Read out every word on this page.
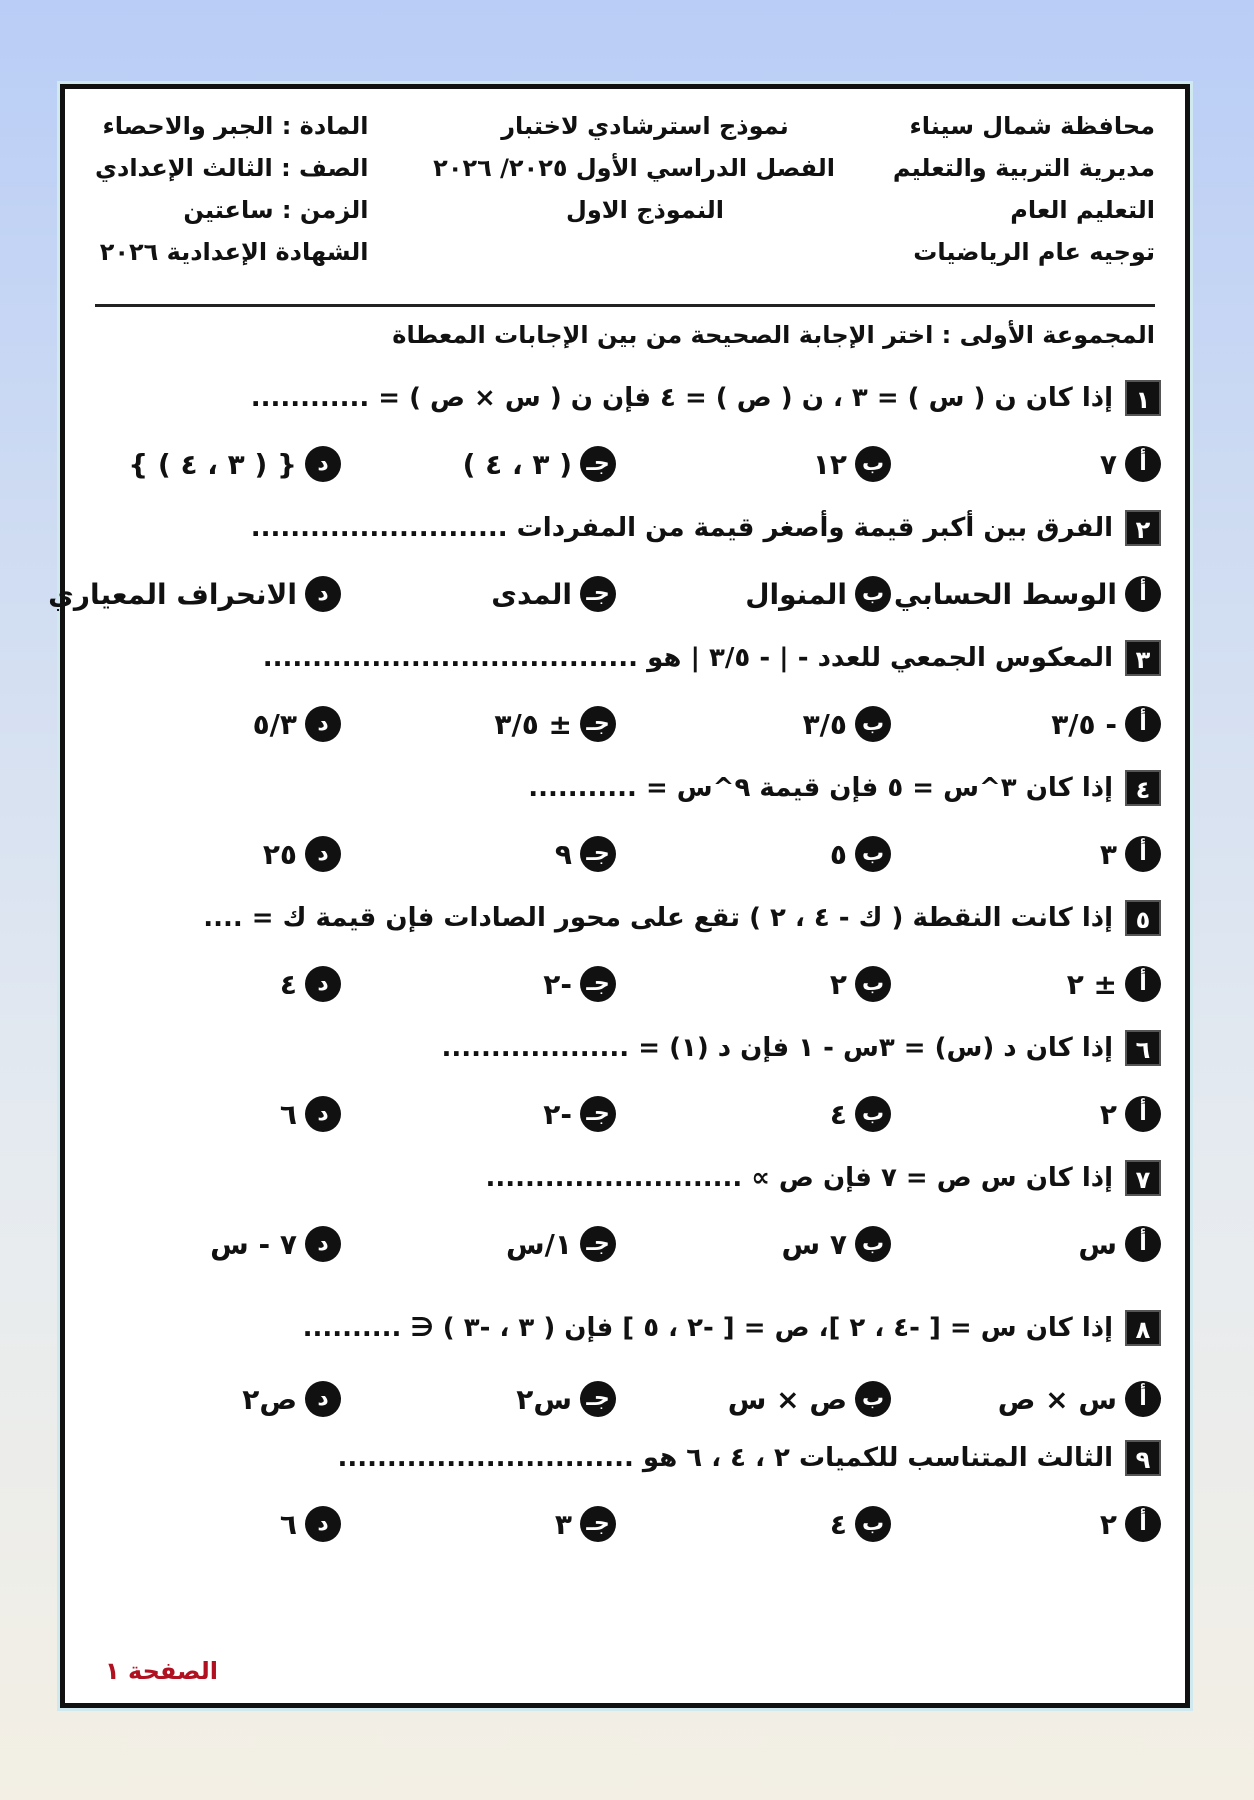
محافظة شمال سيناء
مديرية التربية والتعليم
التعليم العام
توجيه عام الرياضيات
نموذج استرشادي لاختبار
الفصل الدراسي الأول ٢٠٢٥/ ٢٠٢٦
النموذج الاول
المادة : الجبر والاحصاء
الصف : الثالث الإعدادي
الزمن : ساعتين
الشهادة الإعدادية ٢٠٢٦
المجموعة الأولى : اختر الإجابة الصحيحة من بين الإجابات المعطاة
١
إذا كان ن ( س ) = ٣ ، ن ( ص ) = ٤ فإن ن ( س × ص ) = ............
أ
٧
ب
١٢
جـ
( ٣ ، ٤ )
د
{ ( ٣ ، ٤ ) }
٢
الفرق بين أكبر قيمة وأصغر قيمة من المفردات ..........................
أ
الوسط الحسابي
ب
المنوال
جـ
المدى
د
الانحراف المعياري
٣
المعكوس الجمعي للعدد - | - ٣/٥ | هو ......................................
أ
- ٣/٥
ب
٣/٥
جـ
± ٣/٥
د
٥/٣
٤
إذا كان ٣^س = ٥ فإن قيمة ٩^س = ...........
أ
٣
ب
٥
جـ
٩
د
٢٥
٥
إذا كانت النقطة ( ك - ٤ ، ٢ ) تقع على محور الصادات فإن قيمة ك = ....
أ
± ٢
ب
٢
جـ
-٢
د
٤
٦
إذا كان د (س) = ٣س - ١ فإن د (١) = ...................
أ
٢
ب
٤
جـ
-٢
د
٦
٧
إذا كان س ص = ٧ فإن ص ∝ ..........................
أ
س
ب
٧ س
جـ
١/س
د
٧ - س
٨
إذا كان س = [ -٤ ، ٢ ]، ص = [ -٢ ، ٥ ] فإن ( ٣ ، -٣ ) ∈ ..........
أ
س × ص
ب
ص × س
جـ
س٢
د
ص٢
٩
الثالث المتناسب للكميات ٢ ، ٤ ، ٦ هو ..............................
أ
٢
ب
٤
جـ
٣
د
٦
الصفحة ١
